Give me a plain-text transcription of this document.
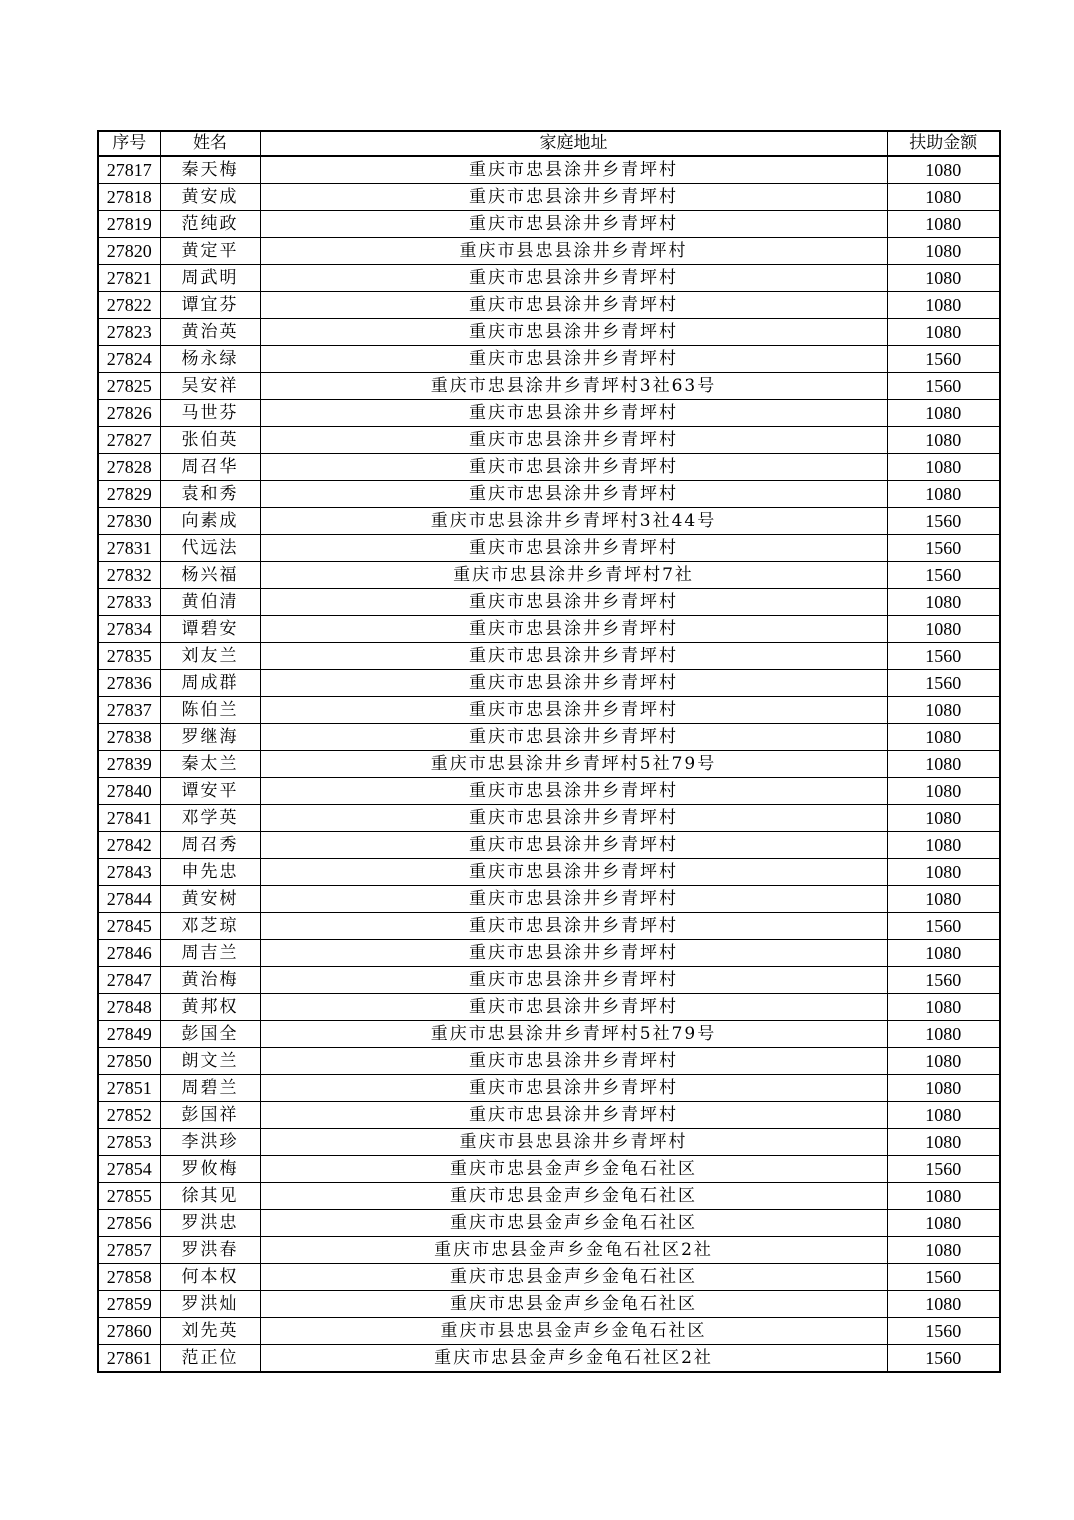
序号	姓名	家庭地址	扶助金额
27817	秦天梅	重庆市忠县涂井乡青坪村	1080
27818	黄安成	重庆市忠县涂井乡青坪村	1080
27819	范纯政	重庆市忠县涂井乡青坪村	1080
27820	黄定平	重庆市县忠县涂井乡青坪村	1080
27821	周武明	重庆市忠县涂井乡青坪村	1080
27822	谭宜芬	重庆市忠县涂井乡青坪村	1080
27823	黄治英	重庆市忠县涂井乡青坪村	1080
27824	杨永绿	重庆市忠县涂井乡青坪村	1560
27825	吴安祥	重庆市忠县涂井乡青坪村3社63号	1560
27826	马世芬	重庆市忠县涂井乡青坪村	1080
27827	张伯英	重庆市忠县涂井乡青坪村	1080
27828	周召华	重庆市忠县涂井乡青坪村	1080
27829	袁和秀	重庆市忠县涂井乡青坪村	1080
27830	向素成	重庆市忠县涂井乡青坪村3社44号	1560
27831	代远法	重庆市忠县涂井乡青坪村	1560
27832	杨兴福	重庆市忠县涂井乡青坪村7社	1560
27833	黄伯清	重庆市忠县涂井乡青坪村	1080
27834	谭碧安	重庆市忠县涂井乡青坪村	1080
27835	刘友兰	重庆市忠县涂井乡青坪村	1560
27836	周成群	重庆市忠县涂井乡青坪村	1560
27837	陈伯兰	重庆市忠县涂井乡青坪村	1080
27838	罗继海	重庆市忠县涂井乡青坪村	1080
27839	秦太兰	重庆市忠县涂井乡青坪村5社79号	1080
27840	谭安平	重庆市忠县涂井乡青坪村	1080
27841	邓学英	重庆市忠县涂井乡青坪村	1080
27842	周召秀	重庆市忠县涂井乡青坪村	1080
27843	申先忠	重庆市忠县涂井乡青坪村	1080
27844	黄安树	重庆市忠县涂井乡青坪村	1080
27845	邓芝琼	重庆市忠县涂井乡青坪村	1560
27846	周吉兰	重庆市忠县涂井乡青坪村	1080
27847	黄治梅	重庆市忠县涂井乡青坪村	1560
27848	黄邦权	重庆市忠县涂井乡青坪村	1080
27849	彭国全	重庆市忠县涂井乡青坪村5社79号	1080
27850	朗文兰	重庆市忠县涂井乡青坪村	1080
27851	周碧兰	重庆市忠县涂井乡青坪村	1080
27852	彭国祥	重庆市忠县涂井乡青坪村	1080
27853	李洪珍	重庆市县忠县涂井乡青坪村	1080
27854	罗攸梅	重庆市忠县金声乡金龟石社区	1560
27855	徐其见	重庆市忠县金声乡金龟石社区	1080
27856	罗洪忠	重庆市忠县金声乡金龟石社区	1080
27857	罗洪春	重庆市忠县金声乡金龟石社区2社	1080
27858	何本权	重庆市忠县金声乡金龟石社区	1560
27859	罗洪灿	重庆市忠县金声乡金龟石社区	1080
27860	刘先英	重庆市县忠县金声乡金龟石社区	1560
27861	范正位	重庆市忠县金声乡金龟石社区2社	1560
